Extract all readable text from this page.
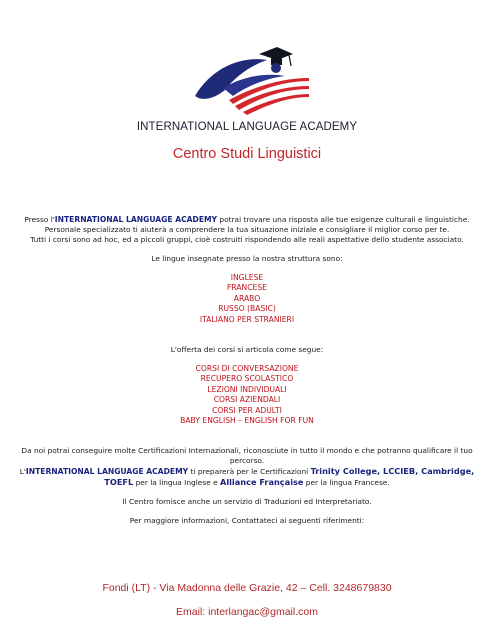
INTERNATIONAL LANGUAGE ACADEMY
Centro Studi Linguistici

Presso l'INTERNATIONAL LANGUAGE ACADEMY potrai trovare una risposta alle tue esigenze culturali e linguistiche.
Personale specializzato ti aiuterà a comprendere la tua situazione iniziale e consigliare il miglior corso per te.
Tutti i corsi sono ad hoc, ed a piccoli gruppi, cioè costruiti rispondendo alle reali aspettative dello studente associato.

Le lingue insegnate presso la nostra struttura sono:

INGLESE
FRANCESE
ARABO
RUSSO (BASIC)
ITALIANO PER STRANIERI

L'offerta dei corsi si articola come segue:

CORSI DI CONVERSAZIONE
RECUPERO SCOLASTICO
LEZIONI INDIVIDUALI
CORSI AZIENDALI
CORSI PER ADULTI
BABY ENGLISH – ENGLISH FOR FUN

Da noi potrai conseguire molte Certificazioni Internazionali, riconosciute in tutto il mondo e che potranno qualificare il tuo percorso.

L'INTERNATIONAL LANGUAGE ACADEMY ti preparerà per le Certificazioni Trinity College, LCCIEB, Cambridge, TOEFL per la lingua Inglese e Alliance Française per la lingua Francese.

Il Centro fornisce anche un servizio di Traduzioni ed Interpretariato.

Per maggiore informazioni, Contattateci ai seguenti riferimenti:

Fondi (LT) - Via Madonna delle Grazie, 42 – Cell. 3248679830
Email: interlangac@gmail.com
